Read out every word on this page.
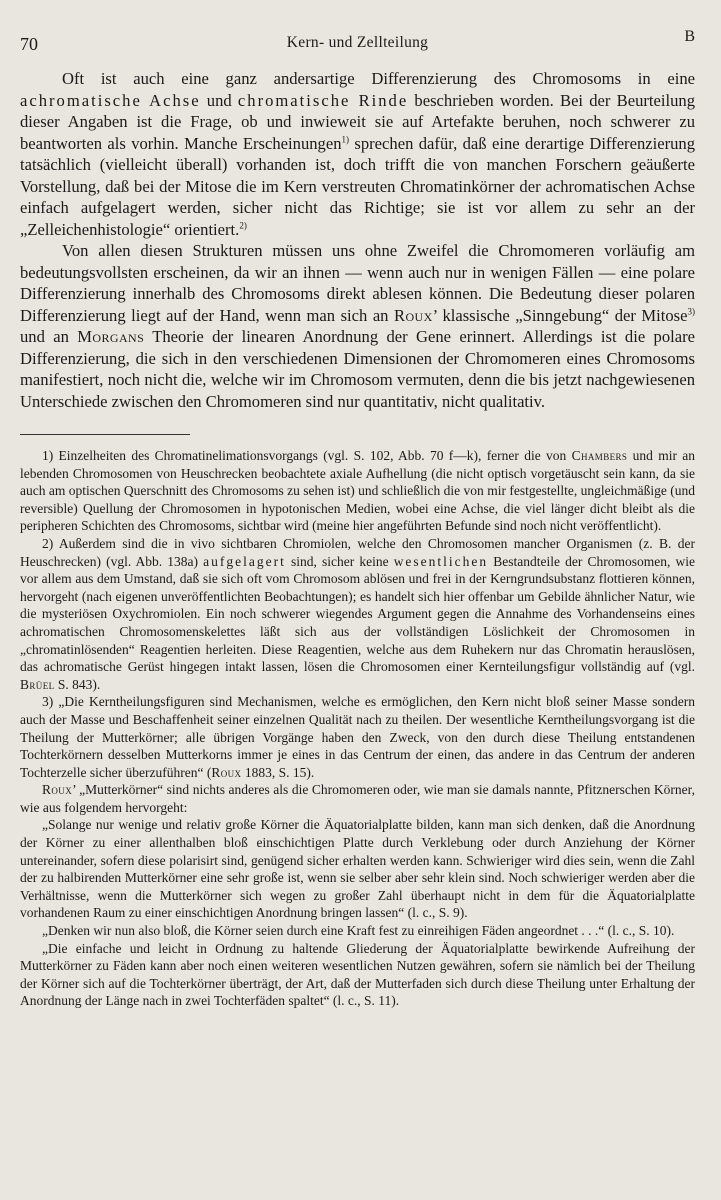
70	Kern- und Zellteilung	B

Oft ist auch eine ganz andersartige Differenzierung des Chromosoms in eine achromatische Achse und chromatische Rinde beschrieben worden. Bei der Beurteilung dieser Angaben ist die Frage, ob und inwieweit sie auf Artefakte beruhen, noch schwerer zu beantworten als vorhin. Manche Erscheinungen$^{1)}$ sprechen dafür, daß eine derartige Differenzierung tatsächlich (vielleicht überall) vorhanden ist, doch trifft die von manchen Forschern geäußerte Vorstellung, daß bei der Mitose die im Kern verstreuten Chromatinkörner der achromatischen Achse einfach aufgelagert werden, sicher nicht das Richtige; sie ist vor allem zu sehr an der „Zelleichenhistologie“ orientiert.$^{2)}$

Von allen diesen Strukturen müssen uns ohne Zweifel die Chromomeren vorläufig am bedeutungsvollsten erscheinen, da wir an ihnen — wenn auch nur in wenigen Fällen — eine polare Differenzierung innerhalb des Chromosoms direkt ablesen können. Die Bedeutung dieser polaren Differenzierung liegt auf der Hand, wenn man sich an Roux’ klassische „Sinngebung“ der Mitose$^{3)}$ und an Morgans Theorie der linearen Anordnung der Gene erinnert. Allerdings ist die polare Differenzierung, die sich in den verschiedenen Dimensionen der Chromomeren eines Chromosoms manifestiert, noch nicht die, welche wir im Chromosom vermuten, denn die bis jetzt nachgewiesenen Unterschiede zwischen den Chromomeren sind nur quantitativ, nicht qualitativ.

1) Einzelheiten des Chromatinelimationsvorgangs (vgl. S. 102, Abb. 70 f—k), ferner die von Chambers und mir an lebenden Chromosomen von Heuschrecken beobachtete axiale Aufhellung (die nicht optisch vorgetäuscht sein kann, da sie auch am optischen Querschnitt des Chromosoms zu sehen ist) und schließlich die von mir festgestellte, ungleichmäßige (und reversible) Quellung der Chromosomen in hypotonischen Medien, wobei eine Achse, die viel länger dicht bleibt als die peripheren Schichten des Chromosoms, sichtbar wird (meine hier angeführten Befunde sind noch nicht veröffentlicht).

2) Außerdem sind die in vivo sichtbaren Chromiolen, welche den Chromosomen mancher Organismen (z. B. der Heuschrecken) (vgl. Abb. 138a) aufgelagert sind, sicher keine wesentlichen Bestandteile der Chromosomen, wie vor allem aus dem Umstand, daß sie sich oft vom Chromosom ablösen und frei in der Kerngrundsubstanz flottieren können, hervorgeht (nach eigenen unveröffentlichten Beobachtungen); es handelt sich hier offenbar um Gebilde ähnlicher Natur, wie die mysteriösen Oxychromiolen. Ein noch schwerer wiegendes Argument gegen die Annahme des Vorhandenseins eines achromatischen Chromosomenskelettes läßt sich aus der vollständigen Löslichkeit der Chromosomen in „chromatinlösenden“ Reagentien herleiten. Diese Reagentien, welche aus dem Ruhekern nur das Chromatin herauslösen, das achromatische Gerüst hingegen intakt lassen, lösen die Chromosomen einer Kernteilungsfigur vollständig auf (vgl. Brüel S. 843).

3) „Die Kerntheilungsfiguren sind Mechanismen, welche es ermöglichen, den Kern nicht bloß seiner Masse sondern auch der Masse und Beschaffenheit seiner einzelnen Qualität nach zu theilen. Der wesentliche Kerntheilungsvorgang ist die Theilung der Mutterkörner; alle übrigen Vorgänge haben den Zweck, von den durch diese Theilung entstandenen Tochterkörnern desselben Mutterkorns immer je eines in das Centrum der einen, das andere in das Centrum der anderen Tochterzelle sicher überzuführen“ (Roux 1883, S. 15).

Roux’ „Mutterkörner“ sind nichts anderes als die Chromomeren oder, wie man sie damals nannte, Pfitznerschen Körner, wie aus folgendem hervorgeht:

„Solange nur wenige und relativ große Körner die Äquatorialplatte bilden, kann man sich denken, daß die Anordnung der Körner zu einer allenthalben bloß einschichtigen Platte durch Verklebung oder durch Anziehung der Körner untereinander, sofern diese polarisirt sind, genügend sicher erhalten werden kann. Schwieriger wird dies sein, wenn die Zahl der zu halbirenden Mutterkörner eine sehr große ist, wenn sie selber aber sehr klein sind. Noch schwieriger werden aber die Verhältnisse, wenn die Mutterkörner sich wegen zu großer Zahl überhaupt nicht in dem für die Äquatorialplatte vorhandenen Raum zu einer einschichtigen Anordnung bringen lassen“ (l. c., S. 9).

„Denken wir nun also bloß, die Körner seien durch eine Kraft fest zu einreihigen Fäden angeordnet . . .“ (l. c., S. 10).

„Die einfache und leicht in Ordnung zu haltende Gliederung der Äquatorialplatte bewirkende Aufreihung der Mutterkörner zu Fäden kann aber noch einen weiteren wesentlichen Nutzen gewähren, sofern sie nämlich bei der Theilung der Körner sich auf die Tochterkörner überträgt, der Art, daß der Mutterfaden sich durch diese Theilung unter Erhaltung der Anordnung der Länge nach in zwei Tochterfäden spaltet“ (l. c., S. 11).
